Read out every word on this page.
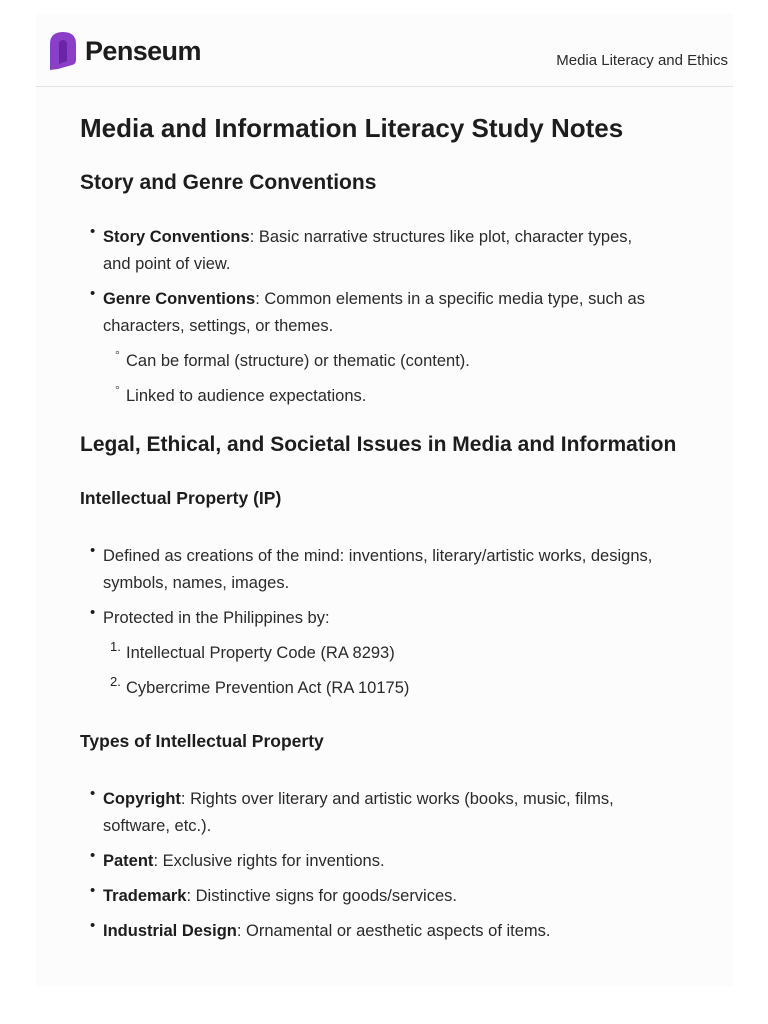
Penseum	Media Literacy and Ethics
Media and Information Literacy Study Notes
Story and Genre Conventions
• Story Conventions: Basic narrative structures like plot, character types, and point of view.
• Genre Conventions: Common elements in a specific media type, such as characters, settings, or themes.
° Can be formal (structure) or thematic (content).
° Linked to audience expectations.
Legal, Ethical, and Societal Issues in Media and Information
Intellectual Property (IP)
• Defined as creations of the mind: inventions, literary/artistic works, designs, symbols, names, images.
• Protected in the Philippines by:
1. Intellectual Property Code (RA 8293)
2. Cybercrime Prevention Act (RA 10175)
Types of Intellectual Property
• Copyright: Rights over literary and artistic works (books, music, films, software, etc.).
• Patent: Exclusive rights for inventions.
• Trademark: Distinctive signs for goods/services.
• Industrial Design: Ornamental or aesthetic aspects of items.
